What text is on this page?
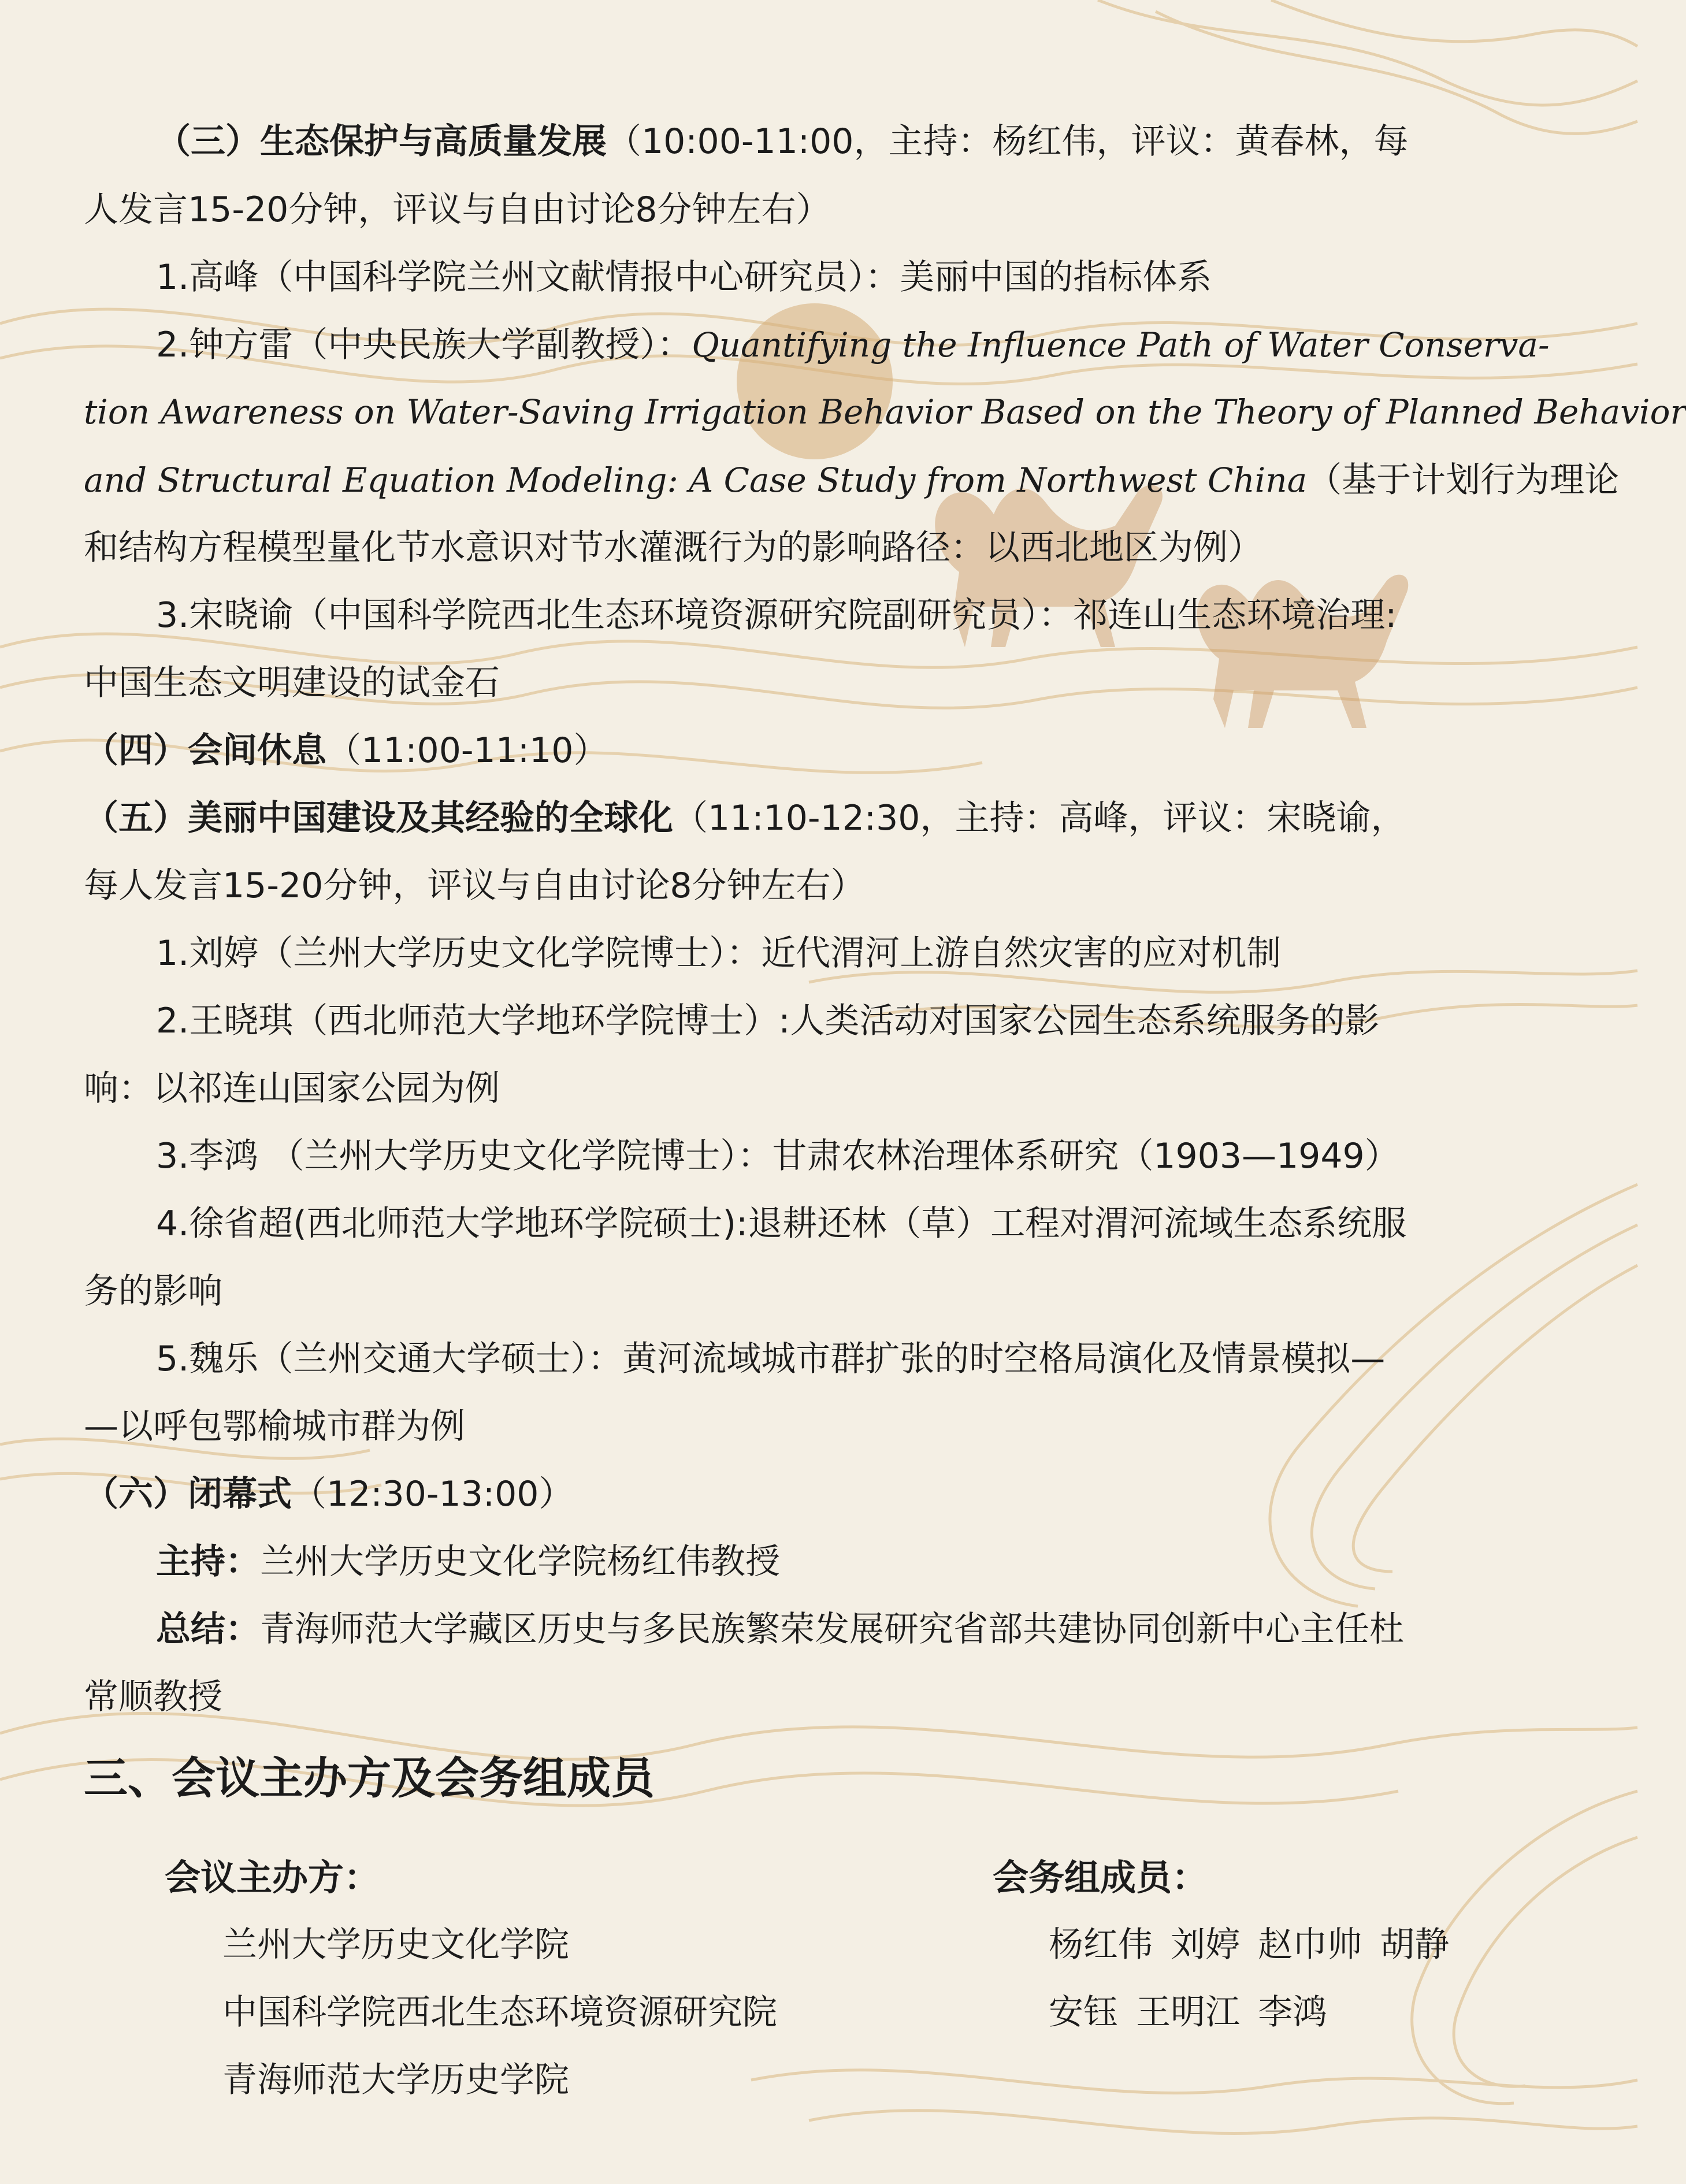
（三）生态保护与高质量发展（10:00-11:00，主持：杨红伟，评议：黄春林，每
人发言15-20分钟，评议与自由讨论8分钟左右）
1.高峰（中国科学院兰州文献情报中心研究员）：美丽中国的指标体系
2.钟方雷（中央民族大学副教授）：Quantifying the Influence Path of Water Conserva-
tion Awareness on Water-Saving Irrigation Behavior Based on the Theory of Planned Behavior
and Structural Equation Modeling: A Case Study from Northwest China（基于计划行为理论
和结构方程模型量化节水意识对节水灌溉行为的影响路径：以西北地区为例）
3.宋晓谕（中国科学院西北生态环境资源研究院副研究员）：祁连山生态环境治理:
中国生态文明建设的试金石
（四）会间休息（11:00-11:10）
（五）美丽中国建设及其经验的全球化（11:10-12:30，主持：高峰，评议：宋晓谕，
每人发言15-20分钟，评议与自由讨论8分钟左右）
1.刘婷（兰州大学历史文化学院博士）：近代渭河上游自然灾害的应对机制
2.王晓琪（西北师范大学地环学院博士）:人类活动对国家公园生态系统服务的影
响：以祁连山国家公园为例
3.李鸿 （兰州大学历史文化学院博士）：甘肃农林治理体系研究（1903—1949）
4.徐省超(西北师范大学地环学院硕士):退耕还林（草）工程对渭河流域生态系统服
务的影响
5.魏乐（兰州交通大学硕士）：黄河流域城市群扩张的时空格局演化及情景模拟—
—以呼包鄂榆城市群为例
（六）闭幕式（12:30-13:00）
主持：兰州大学历史文化学院杨红伟教授
总结：青海师范大学藏区历史与多民族繁荣发展研究省部共建协同创新中心主任杜
常顺教授
三、会议主办方及会务组成员
会议主办方：
兰州大学历史文化学院
中国科学院西北生态环境资源研究院
青海师范大学历史学院
会务组成员：
杨红伟 刘婷 赵巾帅 胡静
安钰 王明江 李鸿
